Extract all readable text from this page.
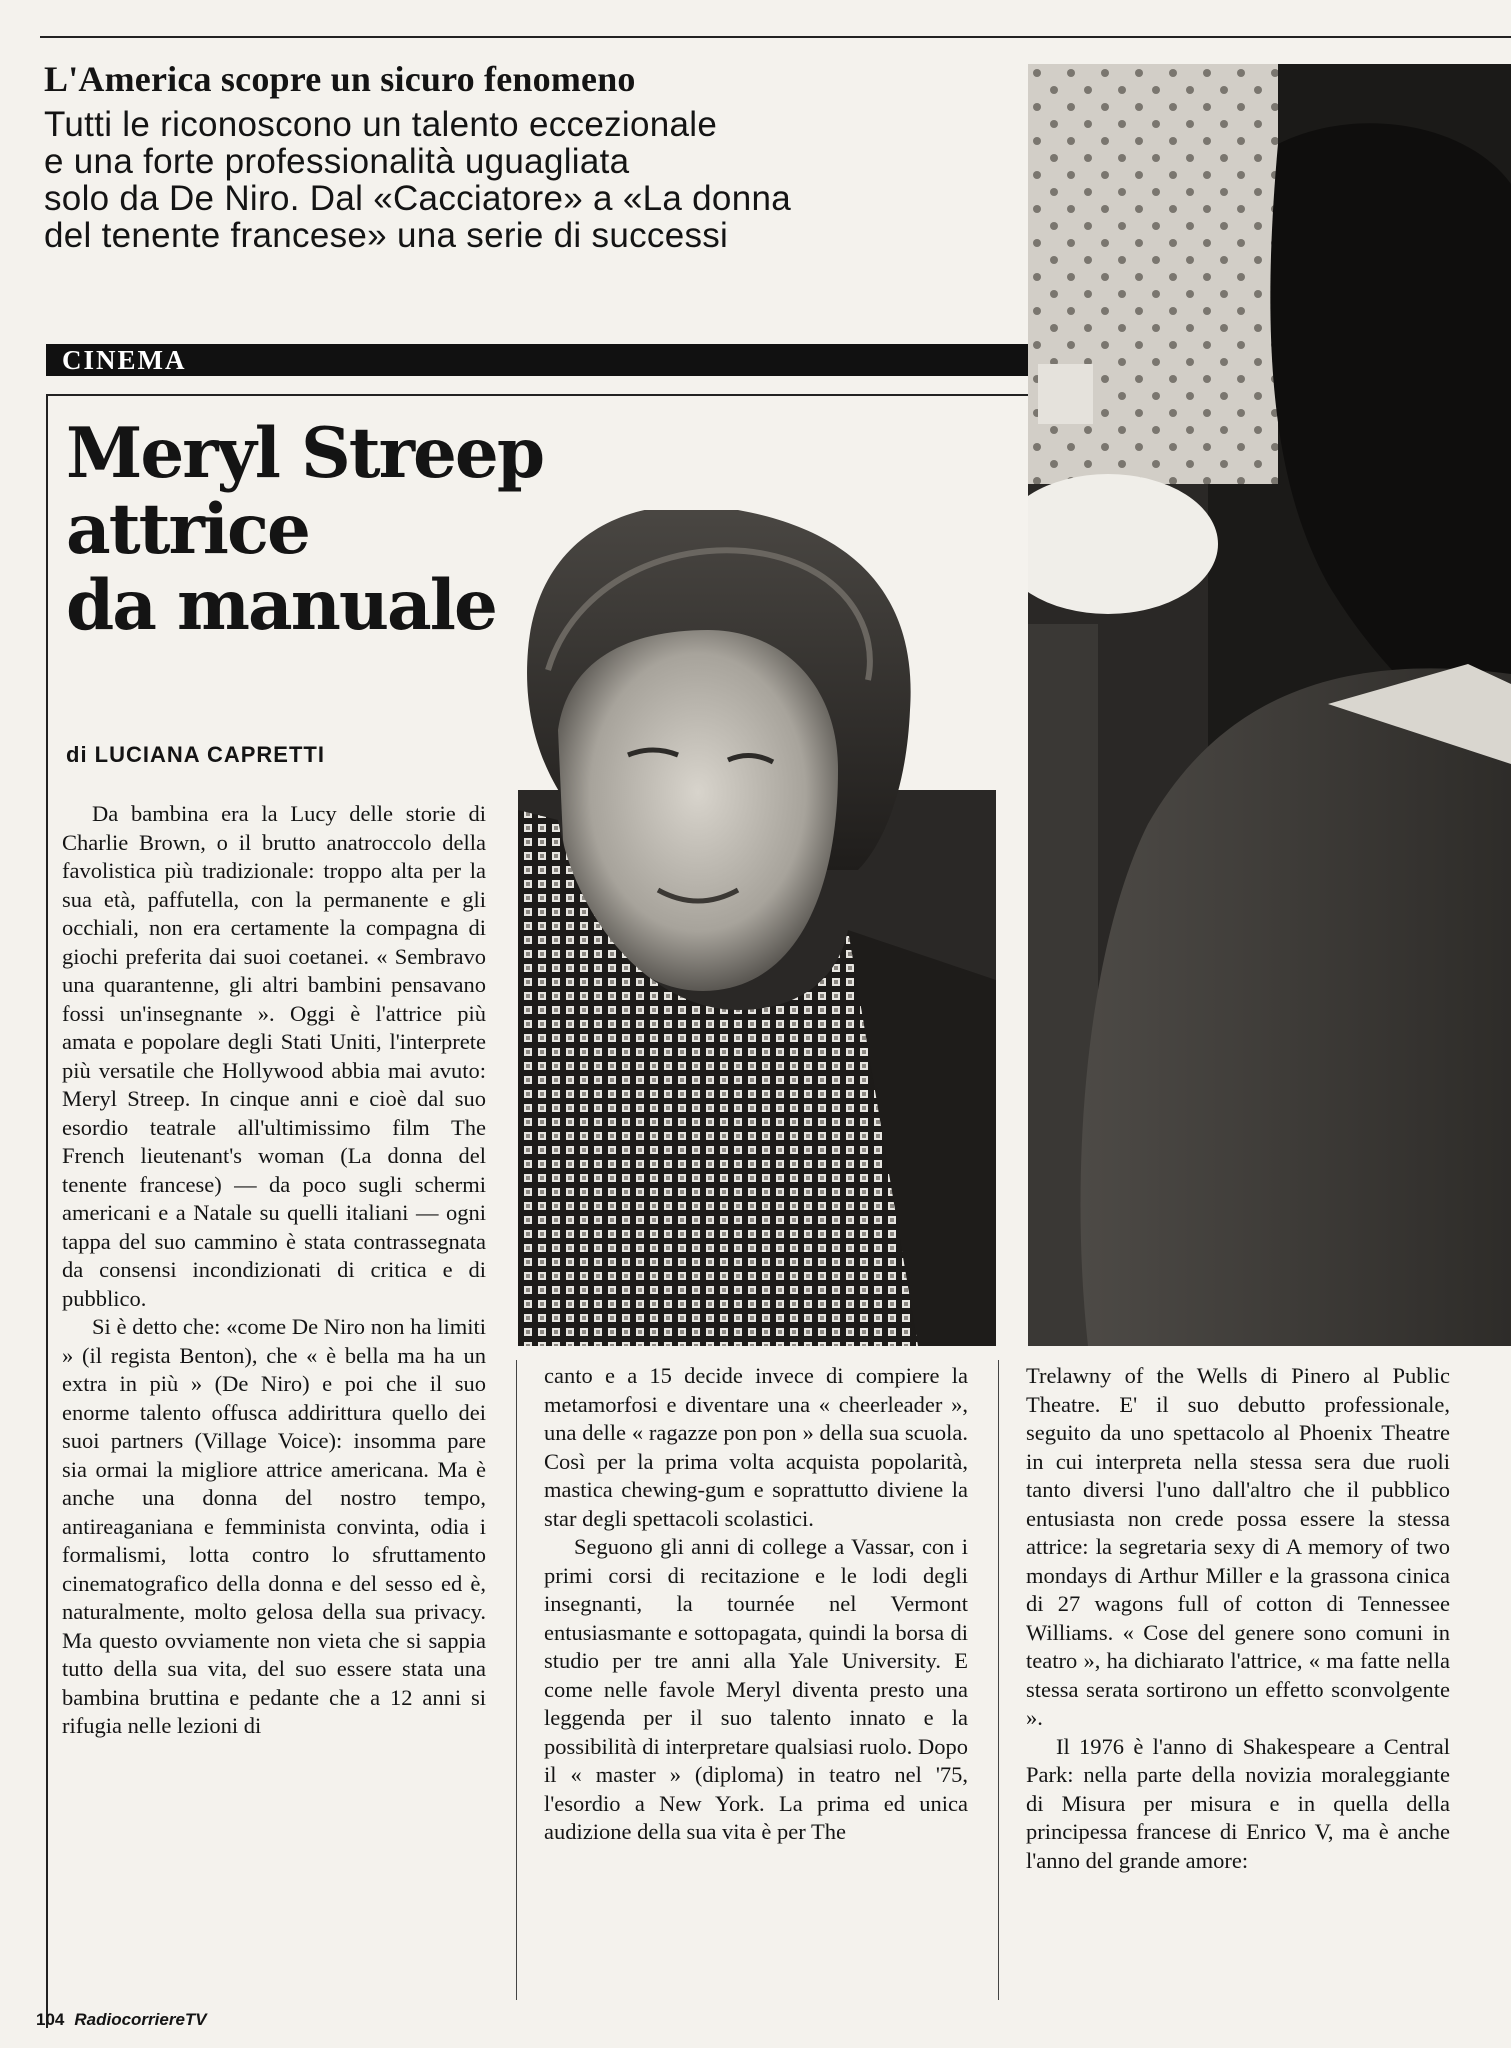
L'America scopre un sicuro fenomeno
Tutti le riconoscono un talento eccezionale
e una forte professionalità uguagliata
solo da De Niro. Dal «Cacciatore» a «La donna
del tenente francese» una serie di successi
CINEMA
Meryl Streep
attrice
da manuale
di LUCIANA CAPRETTI

Da bambina era la Lucy delle storie di Charlie Brown, o il brutto anatroccolo della favolistica più tradizionale: troppo alta per la sua età, paffutella, con la permanente e gli occhiali, non era certamente la compagna di giochi preferita dai suoi coetanei. « Sembravo una quarantenne, gli altri bambini pensavano fossi un'insegnante ». Oggi è l'attrice più amata e popolare degli Stati Uniti, l'interprete più versatile che Hollywood abbia mai avuto: Meryl Streep. In cinque anni e cioè dal suo esordio teatrale all'ultimissimo film The French lieutenant's woman (La donna del tenente francese) — da poco sugli schermi americani e a Natale su quelli italiani — ogni tappa del suo cammino è stata contrassegnata da consensi incondizionati di critica e di pubblico.

Si è detto che: «come De Niro non ha limiti » (il regista Benton), che « è bella ma ha un extra in più » (De Niro) e poi che il suo enorme talento offusca addirittura quello dei suoi partners (Village Voice): insomma pare sia ormai la migliore attrice americana. Ma è anche una donna del nostro tempo, antireaganiana e femminista convinta, odia i formalismi, lotta contro lo sfruttamento cinematografico della donna e del sesso ed è, naturalmente, molto gelosa della sua privacy. Ma questo ovviamente non vieta che si sappia tutto della sua vita, del suo essere stata una bambina bruttina e pedante che a 12 anni si rifugia nelle lezioni di

canto e a 15 decide invece di compiere la metamorfosi e diventare una « cheerleader », una delle « ragazze pon pon » della sua scuola. Così per la prima volta acquista popolarità, mastica chewing-gum e soprattutto diviene la star degli spettacoli scolastici.

Seguono gli anni di college a Vassar, con i primi corsi di recitazione e le lodi degli insegnanti, la tournée nel Vermont entusiasmante e sottopagata, quindi la borsa di studio per tre anni alla Yale University. E come nelle favole Meryl diventa presto una leggenda per il suo talento innato e la possibilità di interpretare qualsiasi ruolo. Dopo il « master » (diploma) in teatro nel '75, l'esordio a New York. La prima ed unica audizione della sua vita è per The

Trelawny of the Wells di Pinero al Public Theatre. E' il suo debutto professionale, seguito da uno spettacolo al Phoenix Theatre in cui interpreta nella stessa sera due ruoli tanto diversi l'uno dall'altro che il pubblico entusiasta non crede possa essere la stessa attrice: la segretaria sexy di A memory of two mondays di Arthur Miller e la grassona cinica di 27 wagons full of cotton di Tennessee Williams. « Cose del genere sono comuni in teatro », ha dichiarato l'attrice, « ma fatte nella stessa serata sortirono un effetto sconvolgente ».

Il 1976 è l'anno di Shakespeare a Central Park: nella parte della novizia moraleggiante di Misura per misura e in quella della principessa francese di Enrico V, ma è anche l'anno del grande amore:

104 RadiocorriereTV
